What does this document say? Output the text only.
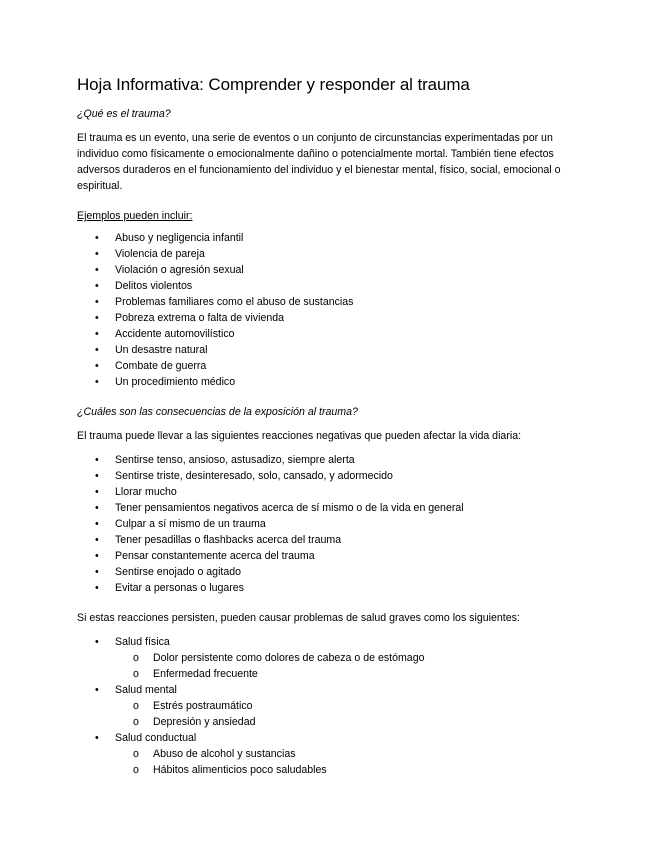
Hoja Informativa: Comprender y responder al trauma
¿Qué es el trauma?
El trauma es un evento, una serie de eventos o un conjunto de circunstancias experimentadas por un
individuo como físicamente o emocionalmente dañino o potencialmente mortal. También tiene efectos
adversos duraderos en el funcionamiento del individuo y el bienestar mental, físico, social, emocional o
espiritual.
Ejemplos pueden incluir:
• Abuso y negligencia infantil
• Violencia de pareja
• Violación o agresión sexual
• Delitos violentos
• Problemas familiares como el abuso de sustancias
• Pobreza extrema o falta de vivienda
• Accidente automovilístico
• Un desastre natural
• Combate de guerra
• Un procedimiento médico
¿Cuáles son las consecuencias de la exposición al trauma?
El trauma puede llevar a las siguientes reacciones negativas que pueden afectar la vida diaria:
• Sentirse tenso, ansioso, astusadizo, siempre alerta
• Sentirse triste, desinteresado, solo, cansado, y adormecido
• Llorar mucho
• Tener pensamientos negativos acerca de sí mismo o de la vida en general
• Culpar a sí mismo de un trauma
• Tener pesadillas o flashbacks acerca del trauma
• Pensar constantemente acerca del trauma
• Sentirse enojado o agitado
• Evitar a personas o lugares
Si estas reacciones persisten, pueden causar problemas de salud graves como los siguientes:
• Salud física
o Dolor persistente como dolores de cabeza o de estómago
o Enfermedad frecuente
• Salud mental
o Estrés postraumático
o Depresión y ansiedad
• Salud conductual
o Abuso de alcohol y sustancias
o Hábitos alimenticios poco saludables
